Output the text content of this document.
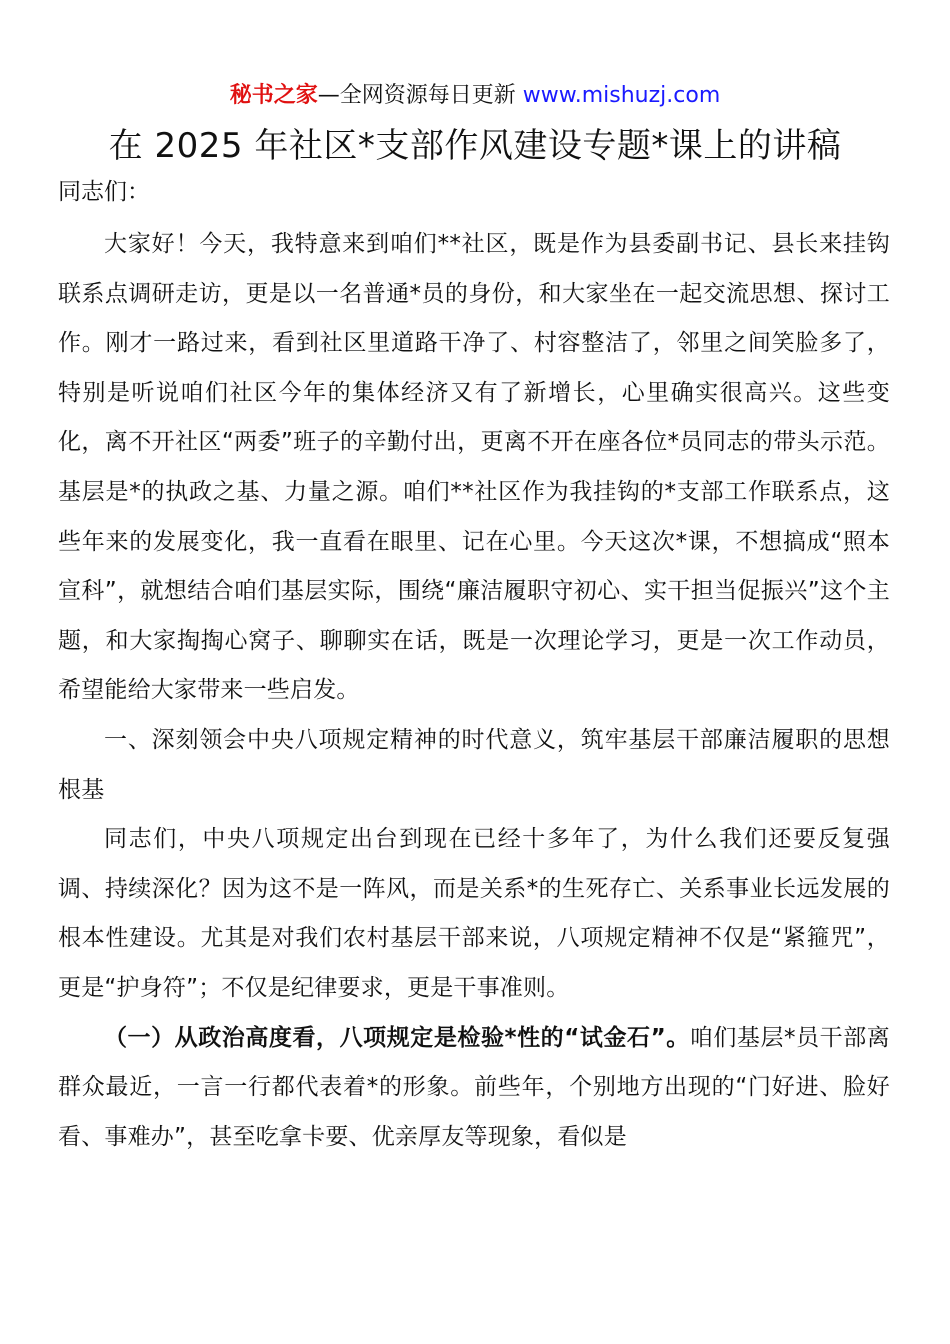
秘书之家—全网资源每日更新 www.mishuzj.com
在 2025 年社区*支部作风建设专题*课上的讲稿

同志们：

大家好！今天，我特意来到咱们*​*社区，既是作为县委副书记、县长来挂钩联系点调研走访，更是以一名普通*员的身份，和大家坐在一起交流思想、探讨工作。刚才一路过来，看到社区里道路干净了、村容整洁了，邻里之间笑脸多了，特别是听说咱们社区今年的集体经济又有了新增长，心里确实很高兴。这些变化，离不开社区“两委”班子的辛勤付出，更离不开在座各位*员同志的带头示范。基层是*的执政之基、力量之源。咱们*​*社区作为我挂钩的*支部工作联系点，这些年来的发展变化，我一直看在眼里、记在心里。今天这次*课，不想搞成“照本宣科”，就想结合咱们基层实际，围绕“廉洁履职守初心、实干担当促振兴”这个主题，和大家掏掏心窝子、聊聊实在话，既是一次理论学习，更是一次工作动员，希望能给大家带来一些启发。

一、深刻领会中央八项规定精神的时代意义，筑牢基层干部廉洁履职的思想根基

同志们，中央八项规定出台到现在已经十多年了，为什么我们还要反复强调、持续深化？因为这不是一阵风，而是关系*的生死存亡、关系事业长远发展的根本性建设。尤其是对我们农村基层干部来说，八项规定精神不仅是“紧箍咒”，更是“护身符”；不仅是纪律要求，更是干事准则。

（一）从政治高度看，八项规定是检验*性的“试金石”。咱们基层*员干部离群众最近，一言一行都代表着*的形象。前些年，个别地方出现的“门好进、脸好看、事难办”，甚至吃拿卡要、优亲厚友等现象，看似是
